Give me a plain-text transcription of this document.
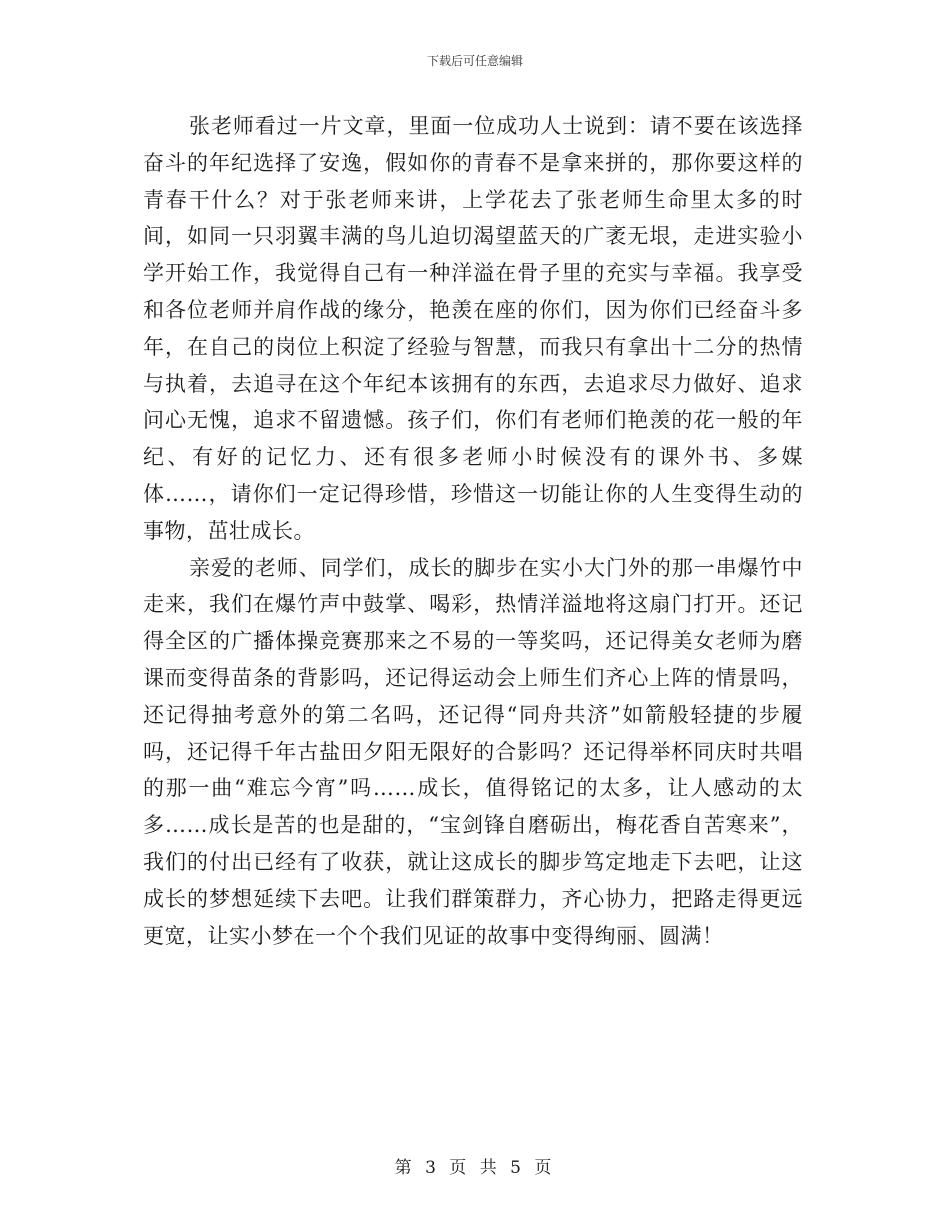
下载后可任意编辑

张老师看过一片文章，里面一位成功人士说到：请不要在该选择奋斗的年纪选择了安逸，假如你的青春不是拿来拼的，那你要这样的青春干什么？对于张老师来讲，上学花去了张老师生命里太多的时间，如同一只羽翼丰满的鸟儿迫切渴望蓝天的广袤无垠，走进实验小学开始工作，我觉得自己有一种洋溢在骨子里的充实与幸福。我享受和各位老师并肩作战的缘分，艳羡在座的你们，因为你们已经奋斗多年，在自己的岗位上积淀了经验与智慧，而我只有拿出十二分的热情与执着，去追寻在这个年纪本该拥有的东西，去追求尽力做好、追求问心无愧，追求不留遗憾。孩子们，你们有老师们艳羡的花一般的年纪、有好的记忆力、还有很多老师小时候没有的课外书、多媒体……，请你们一定记得珍惜，珍惜这一切能让你的人生变得生动的事物，茁壮成长。

亲爱的老师、同学们，成长的脚步在实小大门外的那一串爆竹中走来，我们在爆竹声中鼓掌、喝彩，热情洋溢地将这扇门打开。还记得全区的广播体操竞赛那来之不易的一等奖吗，还记得美女老师为磨课而变得苗条的背影吗，还记得运动会上师生们齐心上阵的情景吗，还记得抽考意外的第二名吗，还记得“同舟共济”如箭般轻捷的步履吗，还记得千年古盐田夕阳无限好的合影吗？还记得举杯同庆时共唱的那一曲“难忘今宵”吗……成长，值得铭记的太多，让人感动的太多……成长是苦的也是甜的，“宝剑锋自磨砺出，梅花香自苦寒来”，我们的付出已经有了收获，就让这成长的脚步笃定地走下去吧，让这成长的梦想延续下去吧。让我们群策群力，齐心协力，把路走得更远更宽，让实小梦在一个个我们见证的故事中变得绚丽、圆满！

第 3 页 共 5 页
